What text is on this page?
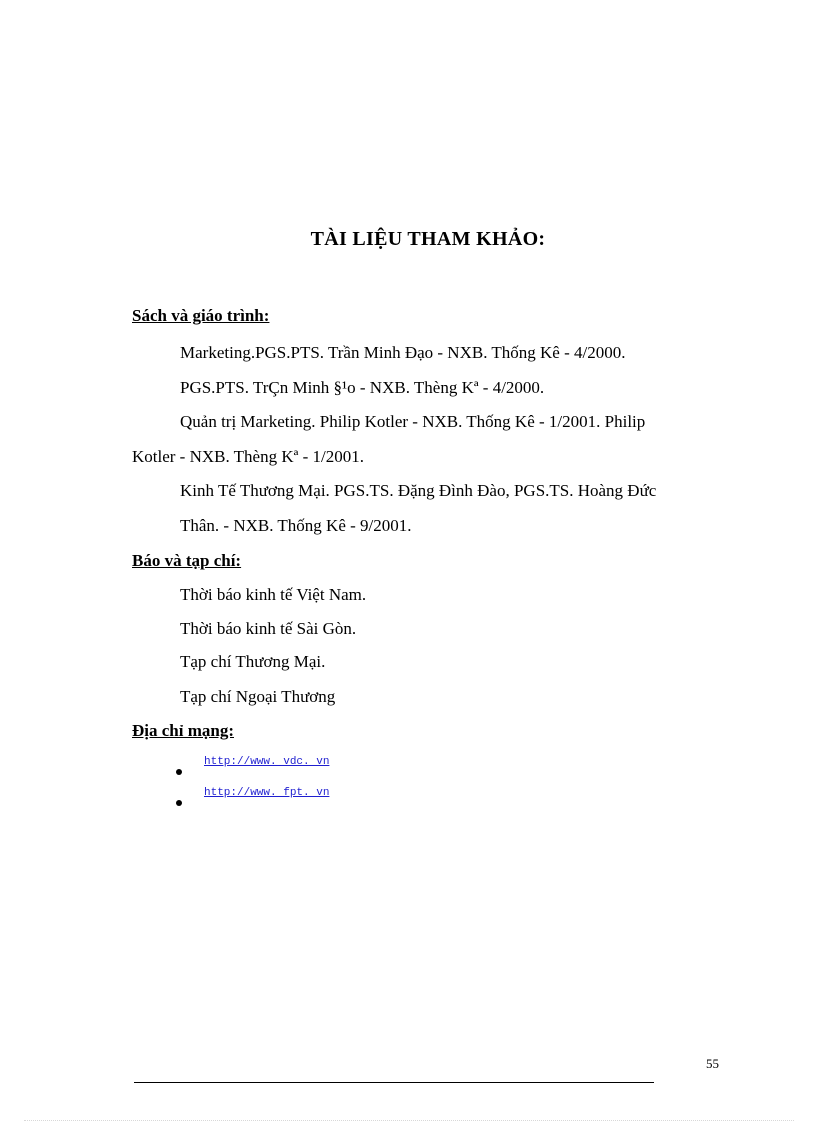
TÀI LIỆU THAM KHẢO:
Sách và giáo trình:
Marketing.PGS.PTS. Trần Minh Đạo - NXB. Thống Kê - 4/2000.
PGS.PTS. TrÇn Minh §¹o - NXB. Thèng Kª - 4/2000.
Quản trị Marketing. Philip Kotler - NXB. Thống Kê - 1/2001. Philip
Kotler - NXB. Thèng Kª - 1/2001.
Kinh Tế Thương Mại. PGS.TS. Đặng Đình Đào, PGS.TS. Hoàng Đức
Thân. - NXB. Thống Kê - 9/2001.
Báo và tạp chí:
Thời báo kinh tế Việt Nam.
Thời báo kinh tế Sài Gòn.
Tạp chí Thương Mại.
Tạp chí Ngoại Thương
Địa chỉ mạng:
http://www. vdc. vn
http://www. fpt. vn
55
